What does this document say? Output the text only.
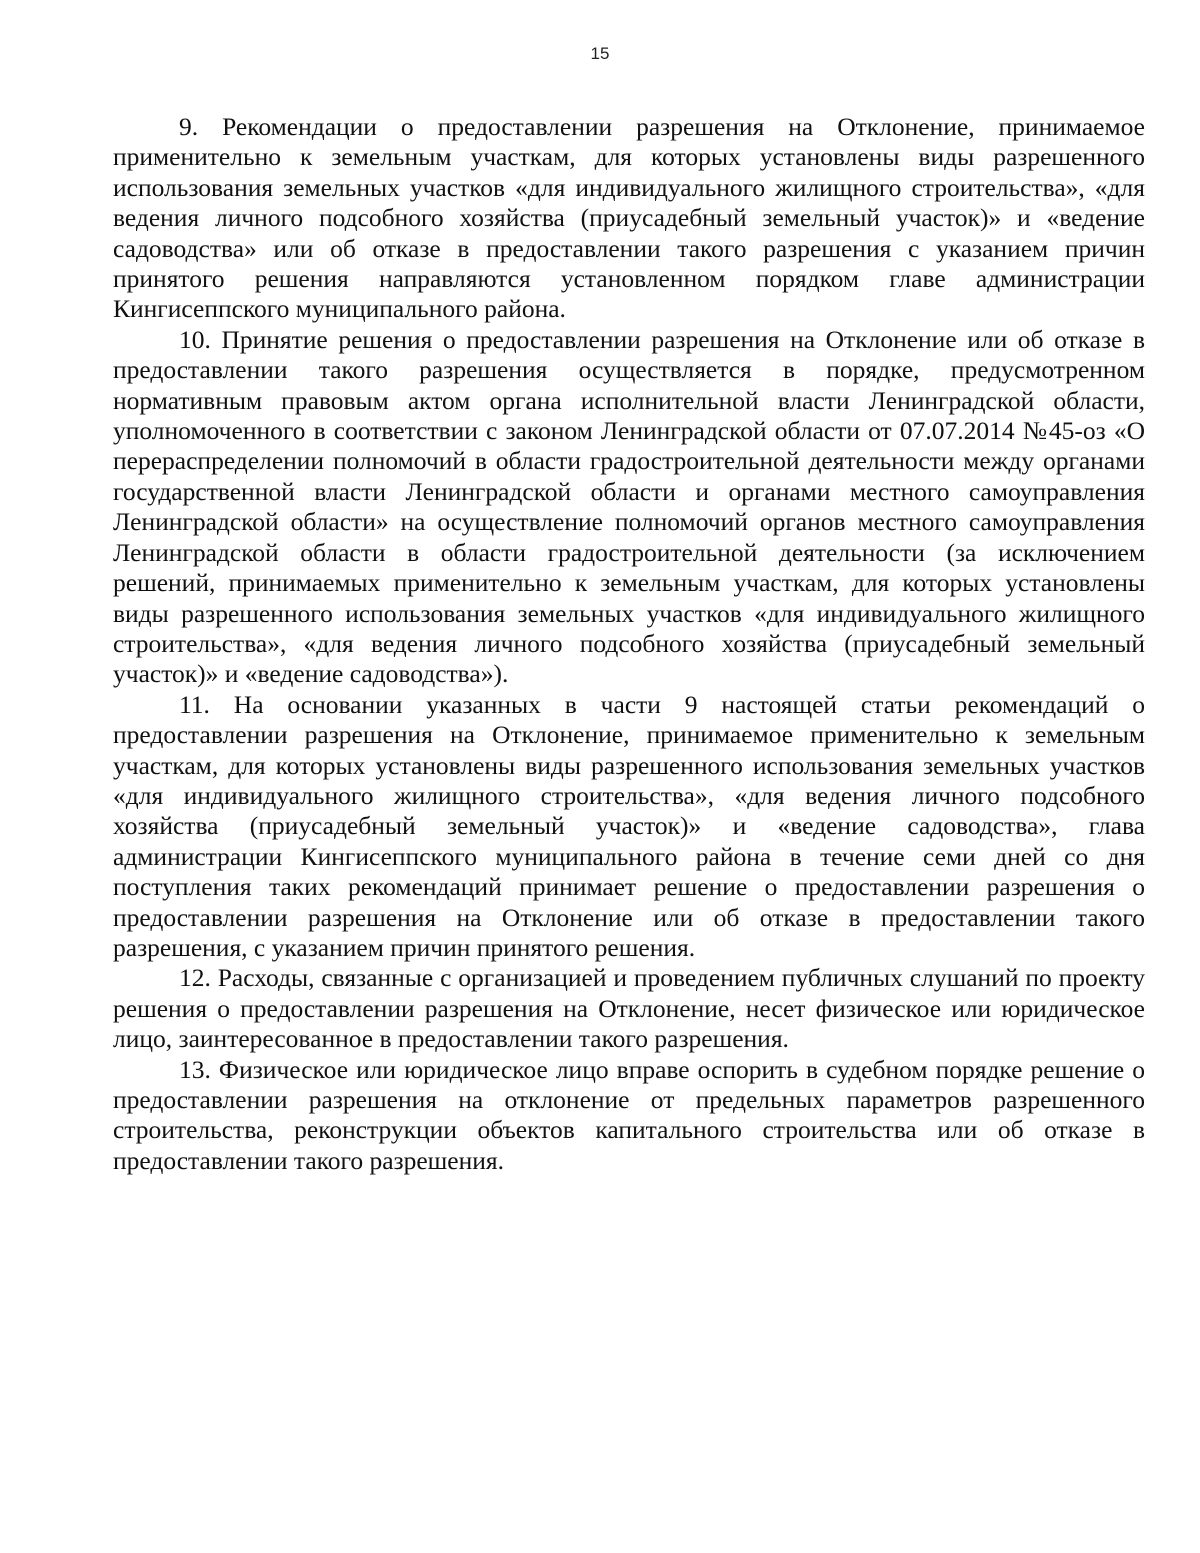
15

9. Рекомендации о предоставлении разрешения на Отклонение, принимаемое применительно к земельным участкам, для которых установлены виды разрешенного использования земельных участков «для индивидуального жилищного строительства», «для ведения личного подсобного хозяйства (приусадебный земельный участок)» и «ведение садоводства» или об отказе в предоставлении такого разрешения с указанием причин принятого решения направляются установленном порядком главе администрации Кингисеппского муниципального района.

10. Принятие решения о предоставлении разрешения на Отклонение или об отказе в предоставлении такого разрешения осуществляется в порядке, предусмотренном нормативным правовым актом органа исполнительной власти Ленинградской области, уполномоченного в соответствии с законом Ленинградской области от 07.07.2014 №45-оз «О перераспределении полномочий в области градостроительной деятельности между органами государственной власти Ленинградской области и органами местного самоуправления Ленинградской области» на осуществление полномочий органов местного самоуправления Ленинградской области в области градостроительной деятельности (за исключением решений, принимаемых применительно к земельным участкам, для которых установлены виды разрешенного использования земельных участков «для индивидуального жилищного строительства», «для ведения личного подсобного хозяйства (приусадебный земельный участок)» и «ведение садоводства»).

11. На основании указанных в части 9 настоящей статьи рекомендаций о предоставлении разрешения на Отклонение, принимаемое применительно к земельным участкам, для которых установлены виды разрешенного использования земельных участков «для индивидуального жилищного строительства», «для ведения личного подсобного хозяйства (приусадебный земельный участок)» и «ведение садоводства», глава администрации Кингисеппского муниципального района в течение семи дней со дня поступления таких рекомендаций принимает решение о предоставлении разрешения о предоставлении разрешения на Отклонение или об отказе в предоставлении такого разрешения, с указанием причин принятого решения.

12. Расходы, связанные с организацией и проведением публичных слушаний по проекту решения о предоставлении разрешения на Отклонение, несет физическое или юридическое лицо, заинтересованное в предоставлении такого разрешения.

13. Физическое или юридическое лицо вправе оспорить в судебном порядке решение о предоставлении разрешения на отклонение от предельных параметров разрешенного строительства, реконструкции объектов капитального строительства или об отказе в предоставлении такого разрешения.
